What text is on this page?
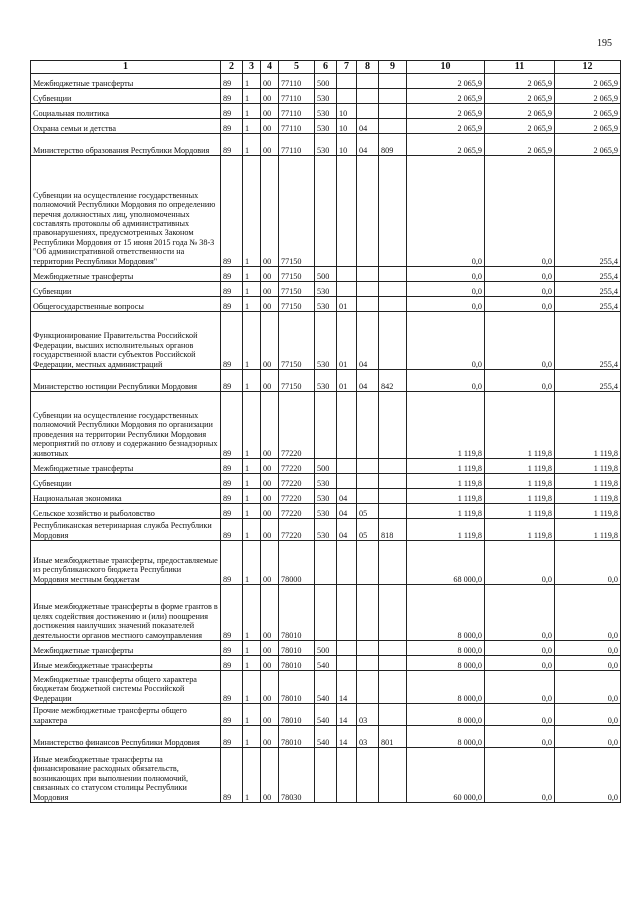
195
1	2	3	4	5	6	7	8	9	10	11	12
Межбюджетные трансферты	89	1	00	77110	500				2 065,9	2 065,9	2 065,9
Субвенции	89	1	00	77110	530				2 065,9	2 065,9	2 065,9
Социальная политика	89	1	00	77110	530	10			2 065,9	2 065,9	2 065,9
Охрана семьи и детства	89	1	00	77110	530	10	04		2 065,9	2 065,9	2 065,9
Министерство образования Республики Мордовия	89	1	00	77110	530	10	04	809	2 065,9	2 065,9	2 065,9
Субвенции на осуществление государственных полномочий Республики Мордовия по определению перечня должностных лиц, уполномоченных составлять протоколы об административных правонарушениях, предусмотренных Законом Республики Мордовия от 15 июня 2015 года № 38-З "Об административной ответственности на территории Республики Мордовия"	89	1	00	77150					0,0	0,0	255,4
Межбюджетные трансферты	89	1	00	77150	500				0,0	0,0	255,4
Субвенции	89	1	00	77150	530				0,0	0,0	255,4
Общегосударственные вопросы	89	1	00	77150	530	01			0,0	0,0	255,4
Функционирование Правительства Российской Федерации, высших исполнительных органов государственной власти субъектов Российской Федерации, местных администраций	89	1	00	77150	530	01	04		0,0	0,0	255,4
Министерство юстиции Республики Мордовия	89	1	00	77150	530	01	04	842	0,0	0,0	255,4
Субвенции на осуществление государственных полномочий Республики Мордовия по организации проведения на территории Республики Мордовия мероприятий по отлову и содержанию безнадзорных животных	89	1	00	77220					1 119,8	1 119,8	1 119,8
Межбюджетные трансферты	89	1	00	77220	500				1 119,8	1 119,8	1 119,8
Субвенции	89	1	00	77220	530				1 119,8	1 119,8	1 119,8
Национальная экономика	89	1	00	77220	530	04			1 119,8	1 119,8	1 119,8
Сельское хозяйство и рыболовство	89	1	00	77220	530	04	05		1 119,8	1 119,8	1 119,8
Республиканская ветеринарная служба Республики Мордовия	89	1	00	77220	530	04	05	818	1 119,8	1 119,8	1 119,8
Иные межбюджетные трансферты, предоставляемые из республиканского бюджета Республики Мордовия местным бюджетам	89	1	00	78000					68 000,0	0,0	0,0
Иные межбюджетные трансферты в форме грантов в целях содействия достижению и (или) поощрения достижения наилучших значений показателей деятельности органов местного самоуправления	89	1	00	78010					8 000,0	0,0	0,0
Межбюджетные трансферты	89	1	00	78010	500				8 000,0	0,0	0,0
Иные межбюджетные трансферты	89	1	00	78010	540				8 000,0	0,0	0,0
Межбюджетные трансферты общего характера бюджетам бюджетной системы Российской Федерации	89	1	00	78010	540	14			8 000,0	0,0	0,0
Прочие межбюджетные трансферты общего характера	89	1	00	78010	540	14	03		8 000,0	0,0	0,0
Министерство финансов Республики Мордовия	89	1	00	78010	540	14	03	801	8 000,0	0,0	0,0
Иные межбюджетные трансферты на финансирование расходных обязательств, возникающих при выполнении полномочий, связанных со статусом столицы Республики Мордовия	89	1	00	78030					60 000,0	0,0	0,0
